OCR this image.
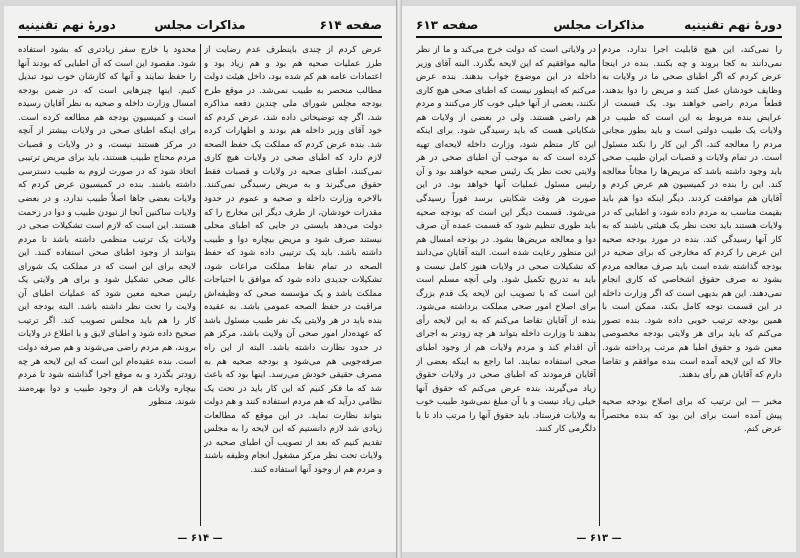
صفحه ۶۱۴
مذاکرات مجلس
دورهٔ نهم تقنینیه

عرض کردم از چندی باینطرف عدم رضایت از طرز عملیات صحیه هم بود و هم زیاد بود و اعتمادات عامه هم کم شده بود، داخل هیئت دولت مطالب منحصر به طبیب نمی‌شد. در موقع طرح بودجه مجلس شورای ملی چندین دفعه مذاکره شد، اگر چه توضیحاتی داده شد، عرض کردم که خود آقای وزیر داخله هم بودند و اظهارات کرده شد. بنده عرض کردم که مملکت یک حفظ الصحه لازم دارد که اطبای صحی در ولایات هیچ کاری نمی‌کنند، اطبای صحیه در ولایات و قصبات فقط حقوق می‌گیرند و به مریض رسیدگی نمی‌کنند. بالاخره وزارت داخله و صحیه و عموم در حدود مقدرات خودشان، از طرف دیگر این مخارج را که دولت می‌دهد بایستی در جایی که اطبای محلی نیستند صرف شود و مریض بیچاره دوا و طبیب داشته باشد. باید یک ترتیبی داده شود که حفظ الصحه در تمام نقاط مملکت مراعات شود، تشکیلات جدیدی داده شود که موافق با احتیاجات مملکت باشد و یک مؤسسه صحی که وظیفه‌اش مراقبت در حفظ الصحه عمومی باشد. به عقیده بنده باید در هر ولایتی یک نفر طبیب مسئول باشد که عهده‌دار امور صحی آن ولایت باشد، مرکز هم در حدود نظارت داشته باشد. البته از این راه صرفه‌جویی هم می‌شود و بودجه صحیه هم به مصرف حقیقی خودش می‌رسد. اینها بود که باعث شد که ما فکر کنیم که این کار باید در تحت یک نظامی درآید که هم مردم استفاده کنند و هم دولت بتواند نظارت نماید. در این موقع که مطالعات زیادی شد لازم دانستیم که این لایحه را به مجلس تقدیم کنیم که بعد از تصویب آن اطبای صحیه در ولایات تحت نظر مرکز مشغول انجام وظیفه باشند و مردم هم از وجود آنها استفاده کنند.

محدود با خارج سفر زیادتری که بشود استفاده شود. مقصود این است که آن اطبایی که بودند آنها را حفظ نمایند و آنها که کارشان خوب نبود تبدیل کنیم. اینها چیزهایی است که در ضمن بودجه امسال وزارت داخله و صحیه به نظر آقایان رسیده است و کمیسیون بودجه هم مطالعه کرده است. برای اینکه اطبای صحی در ولایات بیشتر از آنچه در مرکز هستند نیست، و در ولایات و قصبات مردم محتاج طبیب هستند، باید برای مریض ترتیبی اتخاذ شود که در صورت لزوم به طبیب دسترسی داشته باشند. بنده در کمیسیون عرض کردم که ولایات بعضی جاها اصلاً طبیب ندارد، و در بعضی ولایات ساکنین آنجا از نبودن طبیب و دوا در زحمت هستند. این است که لازم است تشکیلات صحی در ولایات یک ترتیب منظمی داشته باشد تا مردم بتوانند از وجود اطبای صحی استفاده کنند. این لایحه برای این است که در مملکت یک شورای عالی صحی تشکیل شود و برای هر ولایتی یک رئیس صحیه معین شود که عملیات اطبای آن ولایت را تحت نظر داشته باشد. البته بودجه این کار را هم باید مجلس تصویب کند. اگر ترتیب صحیح داده شود و اطبای لایق و با اطلاع در ولایات بروند، هم مردم راضی می‌شوند و هم صرفه دولت است. بنده عقیده‌ام این است که این لایحه هر چه زودتر بگذرد و به موقع اجرا گذاشته شود تا مردم بیچاره ولایات هم از وجود طبیب و دوا بهره‌مند شوند. منظور

— ۶۱۴ —
دورهٔ نهم تقنینیه
مذاکرات مجلس
صفحه ۶۱۳

را نمی‌کند، این هیچ قابلیت اجرا ندارد، مردم نمی‌دانند به کجا بروند و چه بکنند. بنده در اینجا عرض کردم که اگر اطبای صحی ما در ولایات به وظایف خودشان عمل کنند و مریض را دوا بدهند، قطعاً مردم راضی خواهند بود. یک قسمت از عرایض بنده مربوط به این است که طبیب در ولایات یک طبیب دولتی است و باید بطور مجانی مردم را معالجه کند، اگر این کار را نکند مسئول است. در تمام ولایات و قصبات ایران طبیب صحی باید وجود داشته باشد که مریض‌ها را مجاناً معالجه کند. این را بنده در کمیسیون هم عرض کردم و آقایان هم موافقت کردند. دیگر اینکه دوا هم باید بقیمت مناسب به مردم داده شود، و اطبایی که در ولایات هستند باید تحت نظر یک هیئتی باشند که به کار آنها رسیدگی کند. بنده در مورد بودجه صحیه این عرض را کردم که مخارجی که برای صحیه در بودجه گذاشته شده است باید صرف معالجه مردم بشود نه صرف حقوق اشخاصی که کاری انجام نمی‌دهند. این هم بدیهی است که اگر وزارت داخله در این قسمت توجه کامل بکند، ممکن است با همین بودجه ترتیب خوبی داده شود. بنده تصور می‌کنم که باید برای هر ولایتی بودجه مخصوصی معین شود و حقوق اطبا هم مرتب پرداخته شود. حالا که این لایحه آمده است بنده موافقم و تقاضا دارم که آقایان هم رأی بدهند.

مخبر — این ترتیب که برای اصلاح بودجه صحیه پیش آمده است برای این بود که بنده مختصراً عرض کنم.

در ولایاتی است که دولت خرج می‌کند و ما از نظر مالیه موافقیم که این لایحه بگذرد. البته آقای وزیر داخله در این موضوع جواب بدهند. بنده عرض می‌کنم که اینطور نیست که اطبای صحی هیچ کاری نکنند، بعضی از آنها خیلی خوب کار می‌کنند و مردم هم راضی هستند. ولی در بعضی از ولایات هم شکایاتی هست که باید رسیدگی شود. برای اینکه این کار منظم شود، وزارت داخله لایحه‌ای تهیه کرده است که به موجب آن اطبای صحی در هر ولایتی تحت نظر یک رئیس صحیه خواهند بود و آن رئیس مسئول عملیات آنها خواهد بود. در این صورت هر وقت شکایتی برسد فوراً رسیدگی می‌شود. قسمت دیگر این است که بودجه صحیه باید طوری تنظیم شود که قسمت عمده آن صرف دوا و معالجه مریض‌ها بشود. در بودجه امسال هم این منظور رعایت شده است. البته آقایان می‌دانند که تشکیلات صحی در ولایات هنوز کامل نیست و باید به تدریج تکمیل شود. ولی آنچه مسلم است این است که با تصویب این لایحه یک قدم بزرگ برای اصلاح امور صحی مملکت برداشته می‌شود. بنده از آقایان تقاضا می‌کنم که به این لایحه رأی بدهند تا وزارت داخله بتواند هر چه زودتر به اجرای آن اقدام کند و مردم ولایات هم از وجود اطبای صحی استفاده نمایند. اما راجع به اینکه بعضی از آقایان فرمودند که اطبای صحی در ولایات حقوق زیاد می‌گیرند، بنده عرض می‌کنم که حقوق آنها خیلی زیاد نیست و با آن مبلغ نمی‌شود طبیب خوب به ولایات فرستاد. باید حقوق آنها را مرتب داد تا با دلگرمی کار کنند.

— ۶۱۳ —
